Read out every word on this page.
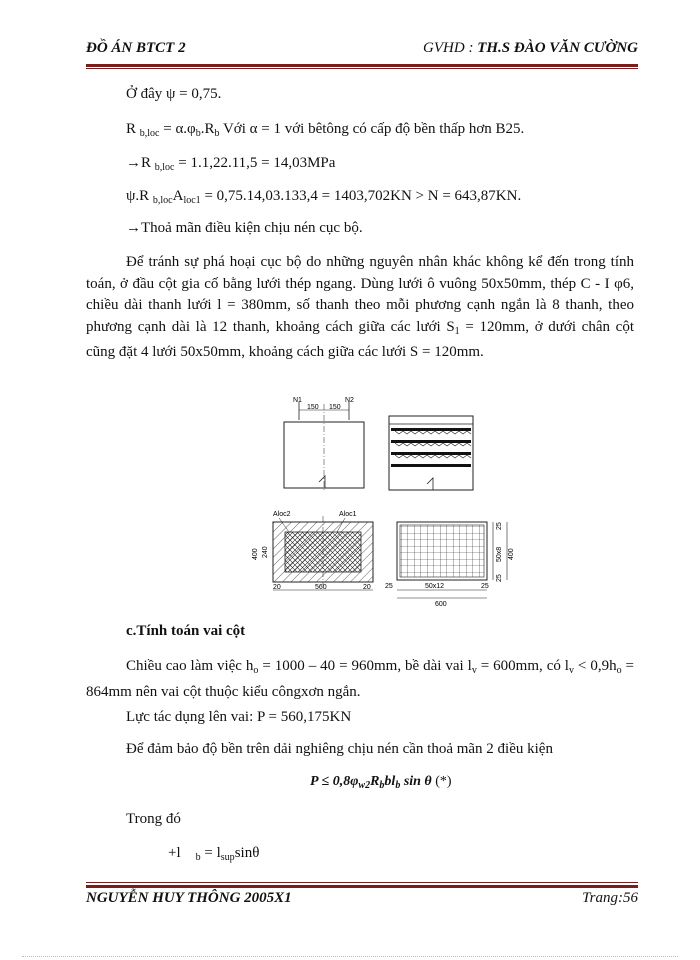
ĐỒ ÁN BTCT 2	GVHD : TH.S ĐÀO VĂN CƯỜNG
Ở đây ψ = 0,75.
R $_{b,loc} = \alpha.\varphi_b.R_b$ Với α = 1 với bêtông có cấp độ bền thấp hơn B25.
→R $_{b,loc}$ = 1.1,22.11,5 = 14,03MPa
ψ.R $_{b,loc}A_{loc1} = 0,75.14,03.133,4 = 1403,702KN > N = 643,87KN$.
→Thoả mãn điều kiện chịu nén cục bộ.
Để tránh sự phá hoại cục bộ do những nguyên nhân khác không kể đến trong tính toán, ở đầu cột gia cố bằng lưới thép ngang. Dùng lưới ô vuông 50x50mm, thép C - I φ6, chiều dài thanh lưới l = 380mm, số thanh theo mỗi phương cạnh ngắn là 8 thanh, theo phương cạnh dài là 12 thanh, khoảng cách giữa các lưới $S_1 = 120mm$, ở dưới chân cột cũng đặt 4 lưới 50x50mm, khoảng cách giữa các lưới S = 120mm.
N1	N2
150 150
Aloc2	Aloc1
400 240
20	560	20 25	50x12	25
600
25
50x8
25
400
c.Tính toán vai cột
Chiều cao làm việc $h_o = 1000 - 40 = 960mm$, bề dài vai $l_v = 600mm$, có $l_v < 0,9h_o = 864mm$ nên vai cột thuộc kiểu côngxơn ngắn.
Lực tác dụng lên vai: P = 560,175KN
Để đảm bảo độ bền trên dải nghiêng chịu nén cần thoả mãn 2 điều kiện
$P \le 0,8\varphi_{w2}R_bbl_b$ sin θ (*)
Trong đó
+l $_b = l_{sup}\sin\theta$
NGUYỄN HUY THÔNG 2005X1	Trang:56
